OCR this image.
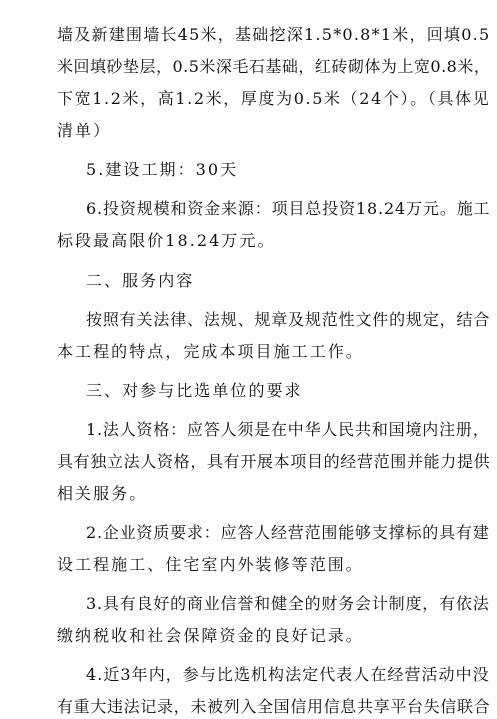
墙及新建围墙长45米，基础挖深1.5*0.8*1米，回填0.5
米回填砂垫层，0.5米深毛石基础，红砖砌体为上宽0.8米，
下宽1.2米，高1.2米，厚度为0.5米（24个）。（具体见
清单）
5.建设工期：30天
6.投资规模和资金来源：项目总投资18.24万元。施工
标段最高限价18.24万元。
二、服务内容
按照有关法律、法规、规章及规范性文件的规定，结合
本工程的特点，完成本项目施工工作。
三、对参与比选单位的要求
1.法人资格：应答人须是在中华人民共和国境内注册，
具有独立法人资格，具有开展本项目的经营范围并能力提供
相关服务。
2.企业资质要求：应答人经营范围能够支撑标的具有建
设工程施工、住宅室内外装修等范围。
3.具有良好的商业信誉和健全的财务会计制度，有依法
缴纳税收和社会保障资金的良好记录。
4.近3年内，参与比选机构法定代表人在经营活动中没
有重大违法记录，未被列入全国信用信息共享平台失信联合
